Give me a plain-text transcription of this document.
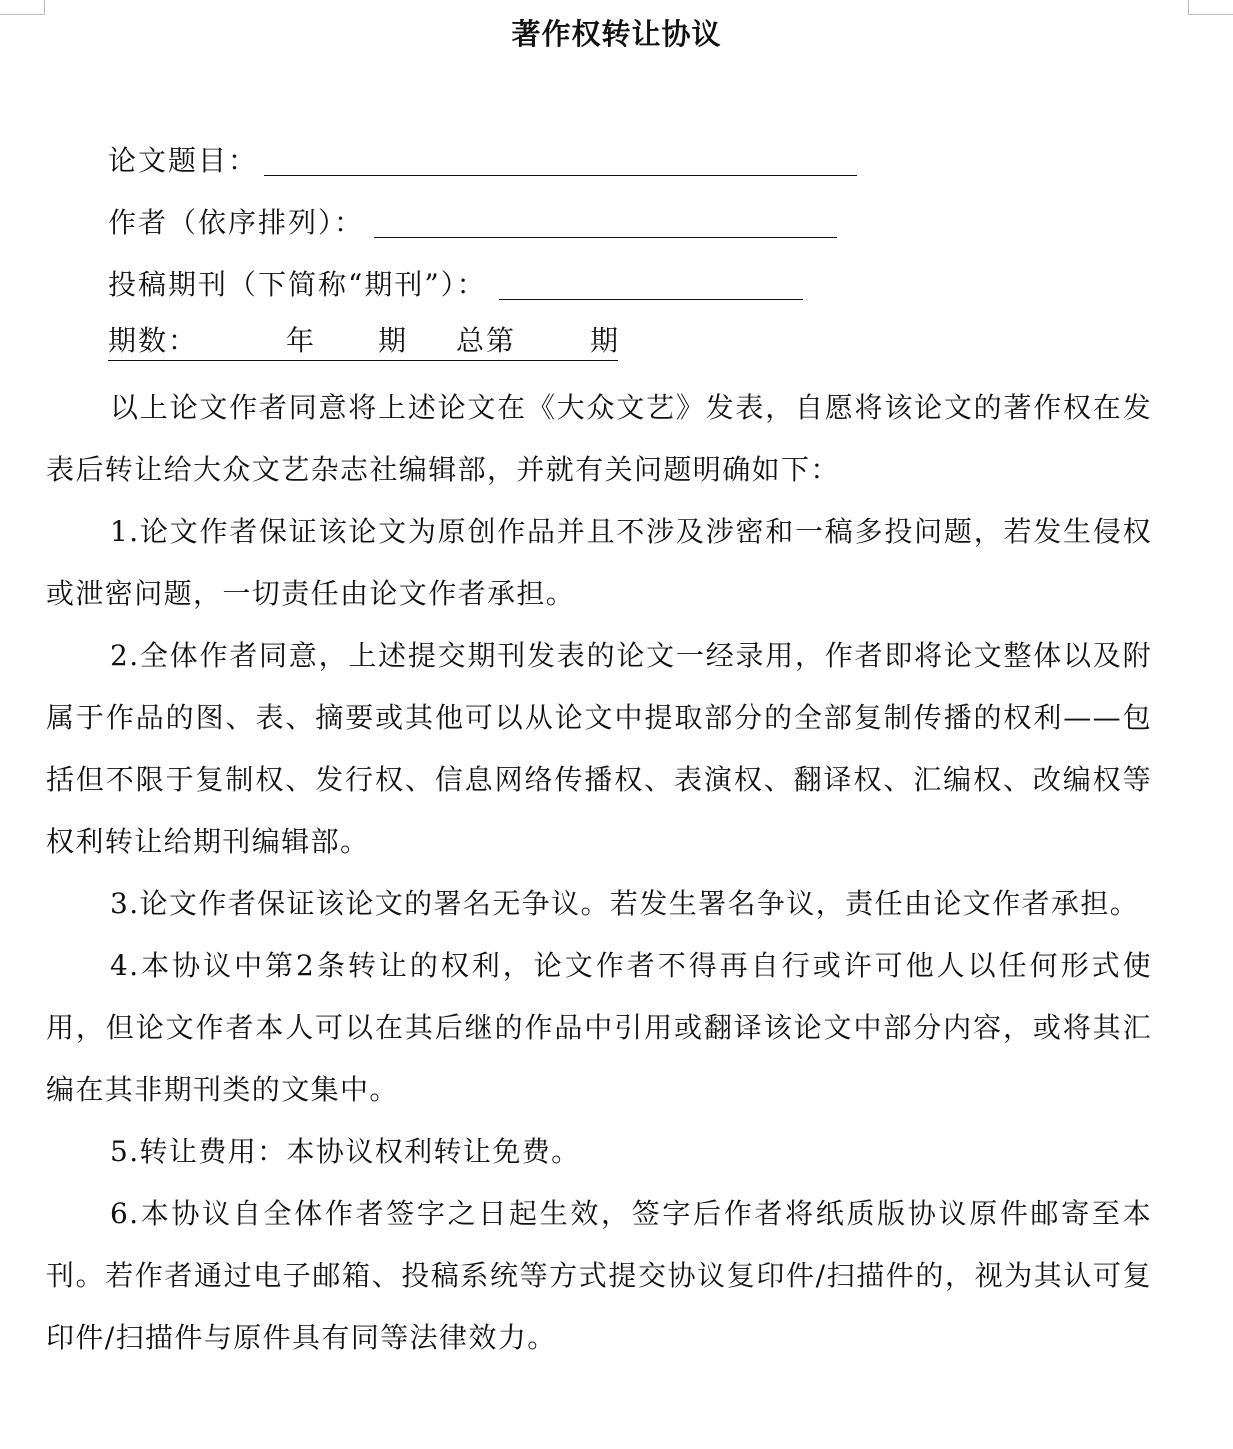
著作权转让协议
论文题目：
作者（依序排列）：
投稿期刊（下简称“期刊”）：
期数：	年 期 总第	期

以上论文作者同意将上述论文在《大众文艺》发表，自愿将该论文的著作权在发表后转让给大众文艺杂志社编辑部，并就有关问题明确如下：

1.论文作者保证该论文为原创作品并且不涉及涉密和一稿多投问题，若发生侵权或泄密问题，一切责任由论文作者承担。

2.全体作者同意，上述提交期刊发表的论文一经录用，作者即将论文整体以及附属于作品的图、表、摘要或其他可以从论文中提取部分的全部复制传播的权利——包括但不限于复制权、发行权、信息网络传播权、表演权、翻译权、汇编权、改编权等权利转让给期刊编辑部。

3.论文作者保证该论文的署名无争议。若发生署名争议，责任由论文作者承担。

4.本协议中第2条转让的权利，论文作者不得再自行或许可他人以任何形式使用，但论文作者本人可以在其后继的作品中引用或翻译该论文中部分内容，或将其汇编在其非期刊类的文集中。

5.转让费用：本协议权利转让免费。

6.本协议自全体作者签字之日起生效，签字后作者将纸质版协议原件邮寄至本刊。若作者通过电子邮箱、投稿系统等方式提交协议复印件/扫描件的，视为其认可复印件/扫描件与原件具有同等法律效力。
